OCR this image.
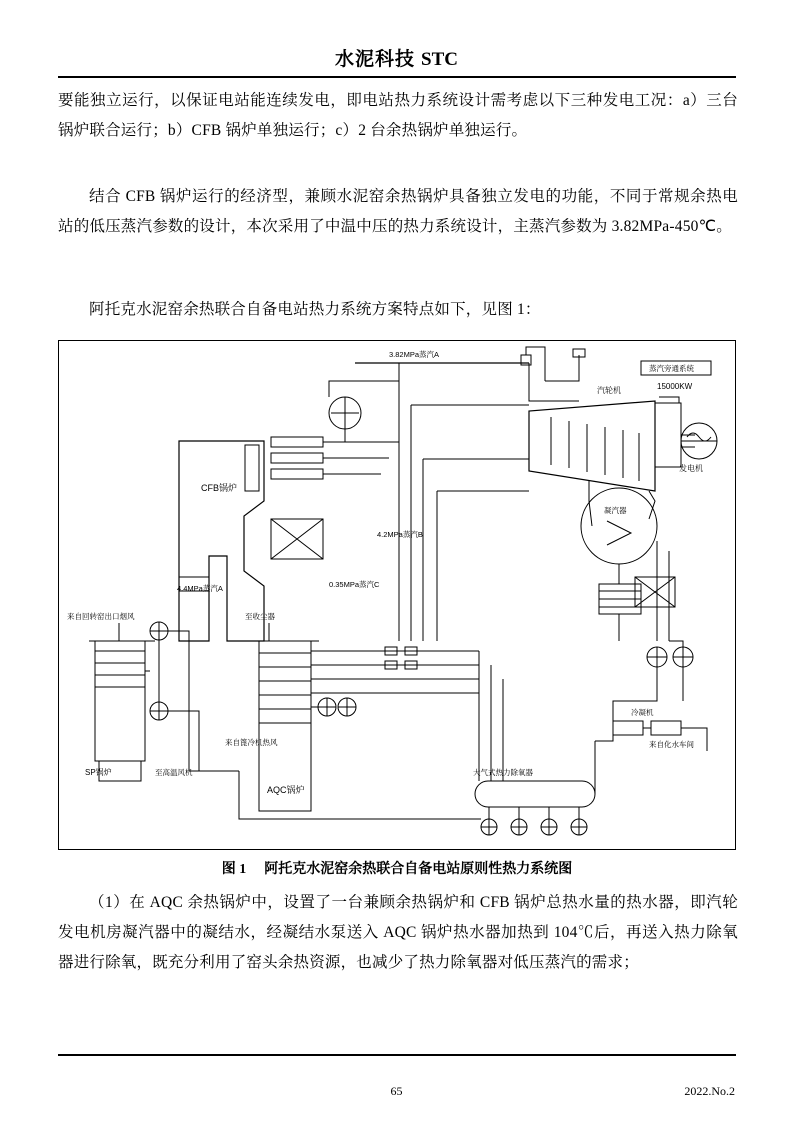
水泥科技 STC

要能独立运行，以保证电站能连续发电，即电站热力系统设计需考虑以下三种发电工况：a）三台锅炉联合运行；b）CFB 锅炉单独运行；c）2 台余热锅炉单独运行。

结合 CFB 锅炉运行的经济型，兼顾水泥窑余热锅炉具备独立发电的功能，不同于常规余热电站的低压蒸汽参数的设计，本次采用了中温中压的热力系统设计，主蒸汽参数为 3.82MPa-450℃。

阿托克水泥窑余热联合自备电站热力系统方案特点如下，见图 1：

CFB锅炉
3.82MPa蒸汽A
蒸汽旁通系统
汽轮机	15000KW
发电机
凝汽器
4.2MPa蒸汽B
0.35MPa蒸汽C
4.4MPa蒸汽A
来自回转窑出口烟风
SP锅炉	至高温风机
至收尘器
AQC锅炉
来自篦冷机热风
大气式热力除氧器
冷凝机
来自化水车间
图 1 阿托克水泥窑余热联合自备电站原则性热力系统图

（1）在 AQC 余热锅炉中，设置了一台兼顾余热锅炉和 CFB 锅炉总热水量的热水器，即汽轮发电机房凝汽器中的凝结水，经凝结水泵送入 AQC 锅炉热水器加热到 104℃后，再送入热力除氧器进行除氧，既充分利用了窑头余热资源，也减少了热力除氧器对低压蒸汽的需求；

65	2022.No.2
